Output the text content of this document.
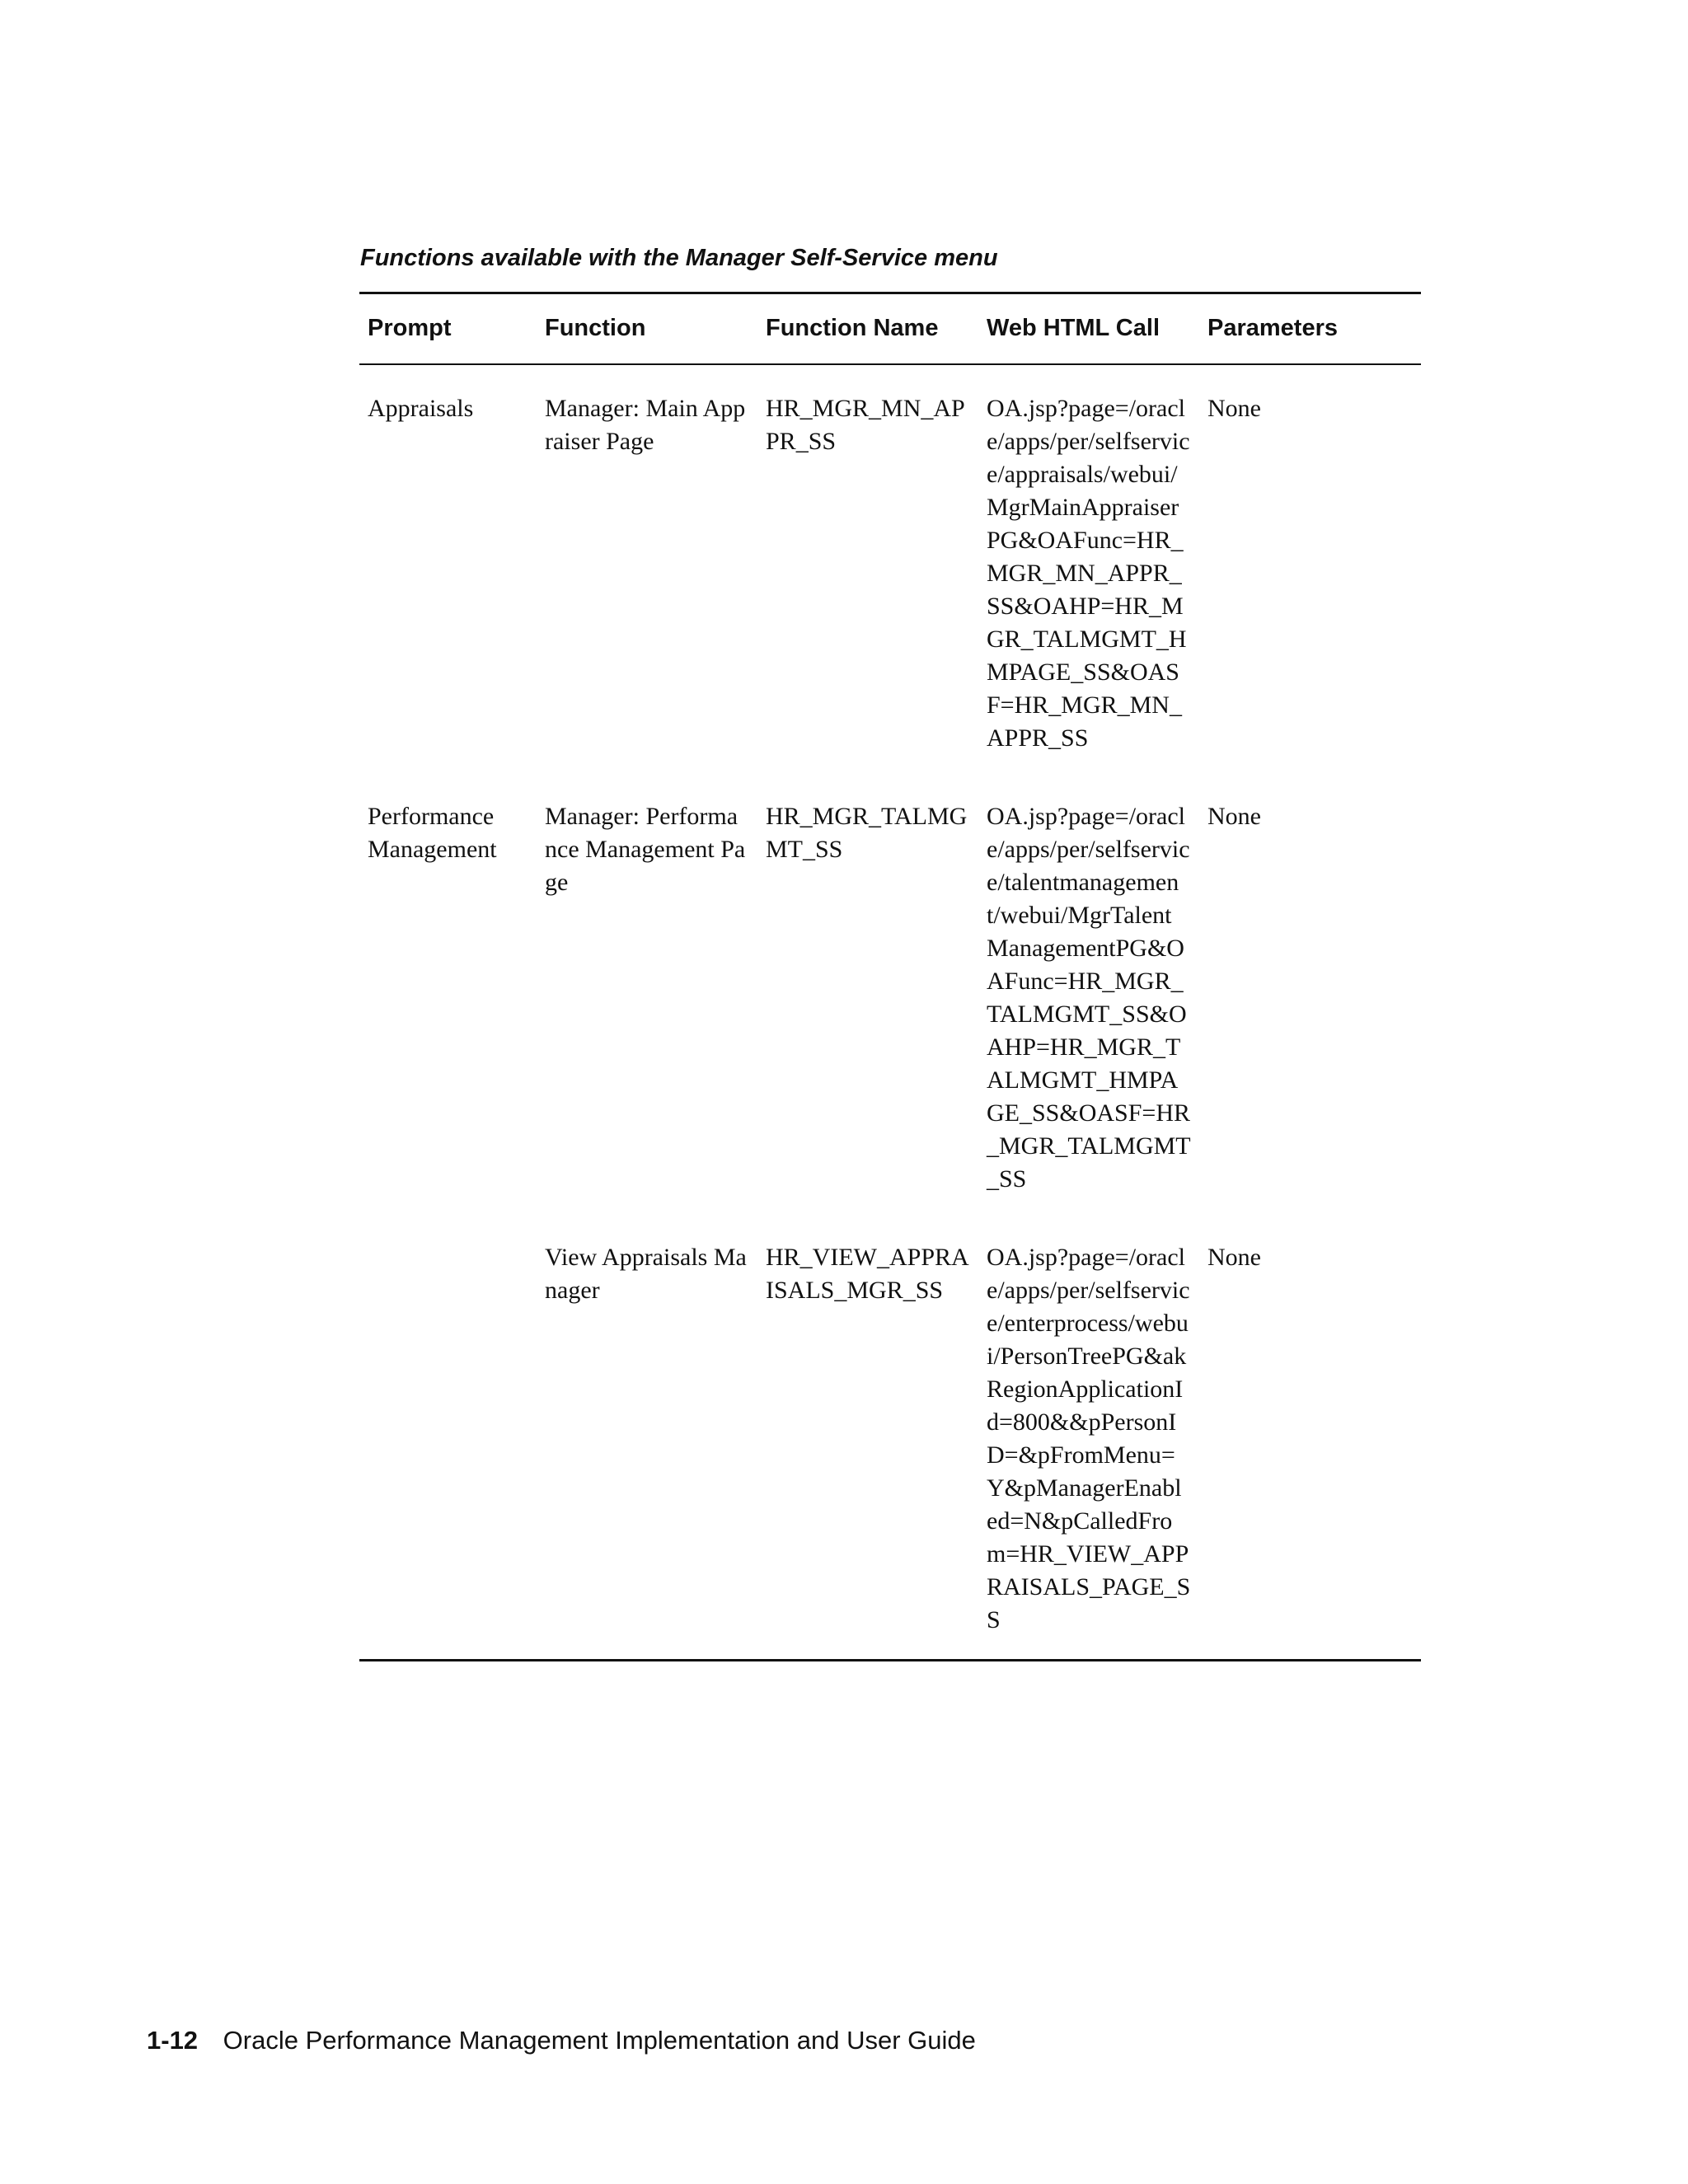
Functions available with the Manager Self-Service menu
Prompt	Function	Function Name	Web HTML Call	Parameters
Appraisals	Manager: Main Appraiser Page	HR_MGR_MN_APPR_SS	OA.jsp?page=/oracle/apps/per/selfservice/appraisals/webui/MgrMainAppraiserPG&OAFunc=HR_MGR_MN_APPR_SS&OAHP=HR_MGR_TALMGMT_HMPAGE_SS&OASF=HR_MGR_MN_APPR_SS	None
Performance Management	Manager: Performance Management Page	HR_MGR_TALMGMT_SS	OA.jsp?page=/oracle/apps/per/selfservice/talentmanagement/webui/MgrTalentManagementPG&OAFunc=HR_MGR_TALMGMT_SS&OAHP=HR_MGR_TALMGMT_HMPAGE_SS&OASF=HR_MGR_TALMGMT_SS	None
	View Appraisals Manager	HR_VIEW_APPRAISALS_MGR_SS	OA.jsp?page=/oracle/apps/per/selfservice/enterprocess/webui/PersonTreePG&akRegionApplicationId=800&&pPersonID=&pFromMenu=Y&pManagerEnabled=N&pCalledFrom=HR_VIEW_APPRAISALS_PAGE_SS	None
1-12 Oracle Performance Management Implementation and User Guide
